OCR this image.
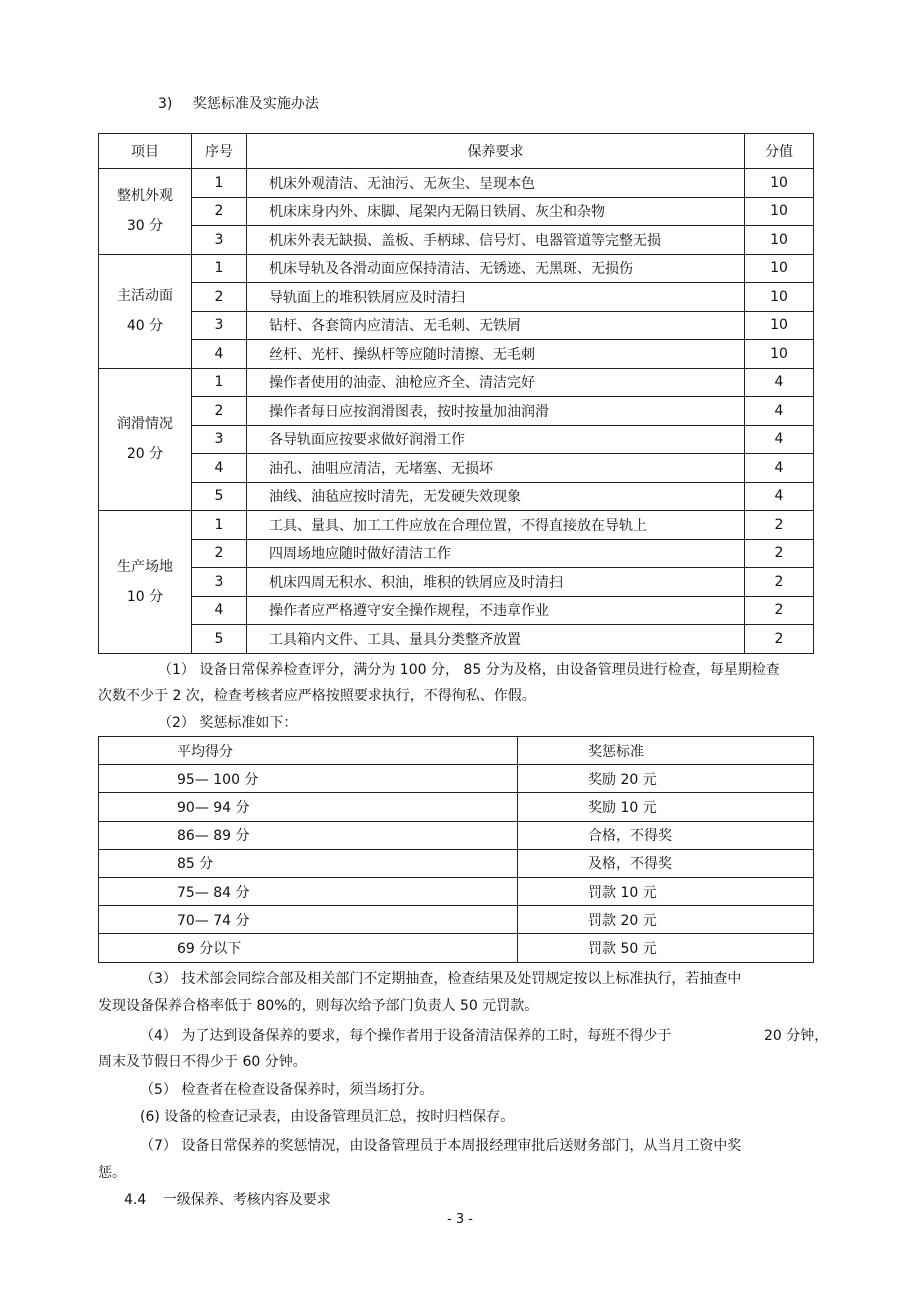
3) 奖惩标准及实施办法
项目	序号	保养要求	分值

整机外观
30 分	1	机床外观清洁、无油污、无灰尘、呈现本色	10
	2	机床床身内外、床脚、尾架内无隔日铁屑、灰尘和杂物	10
	3	机床外表无缺损、盖板、手柄球、信号灯、电器管道等完整无损	10

主活动面
40 分	1	机床导轨及各滑动面应保持清洁、无锈迹、无黑斑、无损伤	10
	2	导轨面上的堆积铁屑应及时清扫	10
	3	钻杆、各套筒内应清洁、无毛刺、无铁屑	10
	4	丝杆、光杆、操纵杆等应随时清擦、无毛刺	10

润滑情况
20 分	1	操作者使用的油壶、油枪应齐全、清洁完好	4
	2	操作者每日应按润滑图表，按时按量加油润滑	4
	3	各导轨面应按要求做好润滑工作	4
	4	油孔、油咀应清洁，无堵塞、无损坏	4
	5	油线、油毡应按时清先，无发硬失效现象	4

生产场地
10 分	1	工具、量具、加工工件应放在合理位置，不得直接放在导轨上	2
	2	四周场地应随时做好清洁工作	2
	3	机床四周无积水、积油，堆积的铁屑应及时清扫	2
	4	操作者应严格遵守安全操作规程，不违章作业	2
	5	工具箱内文件、工具、量具分类整齐放置	2
（1） 设备日常保养检查评分，满分为 100 分， 85 分为及格，由设备管理员进行检查，每星期检查
次数不少于 2 次，检查考核者应严格按照要求执行，不得徇私、作假。
（2） 奖惩标准如下：
平均得分	奖惩标准
95— 100 分	奖励 20 元
90— 94 分	奖励 10 元
86— 89 分	合格，不得奖
85 分	及格，不得奖
75— 84 分	罚款 10 元
70— 74 分	罚款 20 元
69 分以下	罚款 50 元
（3） 技术部会同综合部及相关部门不定期抽查，检查结果及处罚规定按以上标准执行，若抽查中
发现设备保养合格率低于 80%的，则每次给予部门负责人 50 元罚款。
（4） 为了达到设备保养的要求，每个操作者用于设备清洁保养的工时，每班不得少于	20 分钟，
周末及节假日不得少于 60 分钟。
（5） 检查者在检查设备保养时，须当场打分。
(6) 设备的检查记录表，由设备管理员汇总，按时归档保存。
（7） 设备日常保养的奖惩情况，由设备管理员于本周报经理审批后送财务部门，从当月工资中奖
惩。
4.4 一级保养、考核内容及要求
- 3 -
